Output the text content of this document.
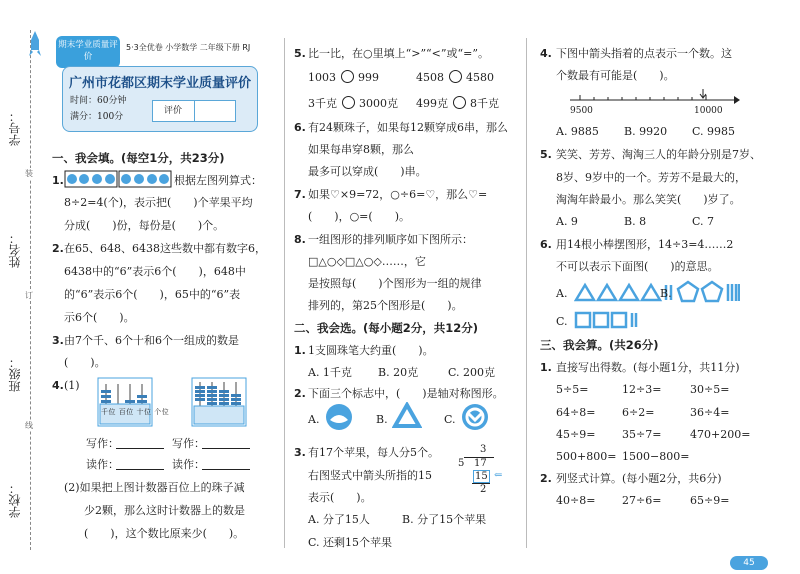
学校：
班级：
姓名：
学号：
装
订
线
5·3全优卷 小学数学 二年级下册 RJ
期末学业质量评价
广州市花都区期末学业质量评价
时间：60分钟
满分：100分
评价
一、我会填。(每空1分，共23分)
1.	根据左图列算式：
8÷2=4(个)，表示把(　　)个苹果平均
分成(　　)份，每份是(　　)个。
2. 在65、648、6438这些数中都有数字6，
6438中的“6”表示6个(　　)，648中
的“6”表示6个(　　)，65中的“6”表
示6个(　　)。
3. 由7个千、6个十和6个一组成的数是
(　　)。
4. (1)
千位 百位 十位 个位
写作：	写作：
读作：	读作：
(2)如果把上图计数器百位上的珠子减
少2颗，那么这时计数器上的数是
(　　)，这个数比原来少(　　)。
5. 比一比，在○里填上“>”“<”或“=”。
1003 999	4508 4580
3千克 3000克 499克 8千克
6. 有24颗珠子，如果每12颗穿成6串，那么
如果每串穿8颗，那么
最多可以穿成(　　)串。
7. 如果♡×9=72，○÷6=♡，那么♡=
(　　)，○=(　　)。
8. 一组图形的排列顺序如下图所示：
□△○◇□△○◇……，它
是按照每(　　)个图形为一组的规律
排列的，第25个图形是(　　)。
二、我会选。(每小题2分，共12分)
1. 1支圆珠笔大约重(　　)。
A. 1千克 B. 20克	C. 200克
2. 下面三个标志中，(　　)是轴对称图形。
A.	B.	C.
3. 有17个苹果，每人分5个。
右图竖式中箭头所指的15
表示(　　)。
3
5 17
15
2
⇐
A. 分了15人	B. 分了15个苹果
C. 还剩15个苹果
4. 下图中箭头指着的点表示一个数。这
个数最有可能是(　　)。
9500	10000
A. 9885 B. 9920 C. 9985
5. 笑笑、芳芳、淘淘三人的年龄分别是7岁、
8岁、9岁中的一个。芳芳不是最大的，
淘淘年龄最小。那么笑笑(　　)岁了。
A. 9	B. 8	C. 7
6. 用14根小棒摆图形，14÷3=4……2
不可以表示下面图(　　)的意思。
A.	B.
C.
三、我会算。(共26分)
1. 直接写出得数。(每小题1分，共11分)
5÷5=	12÷3=	30÷5=
64÷8= 6÷2=	36÷4=
45÷9= 35÷7=	470+200=
500+800= 1500−800=
2. 列竖式计算。(每小题2分，共6分)
40÷8= 27÷6=	65÷9=
45
